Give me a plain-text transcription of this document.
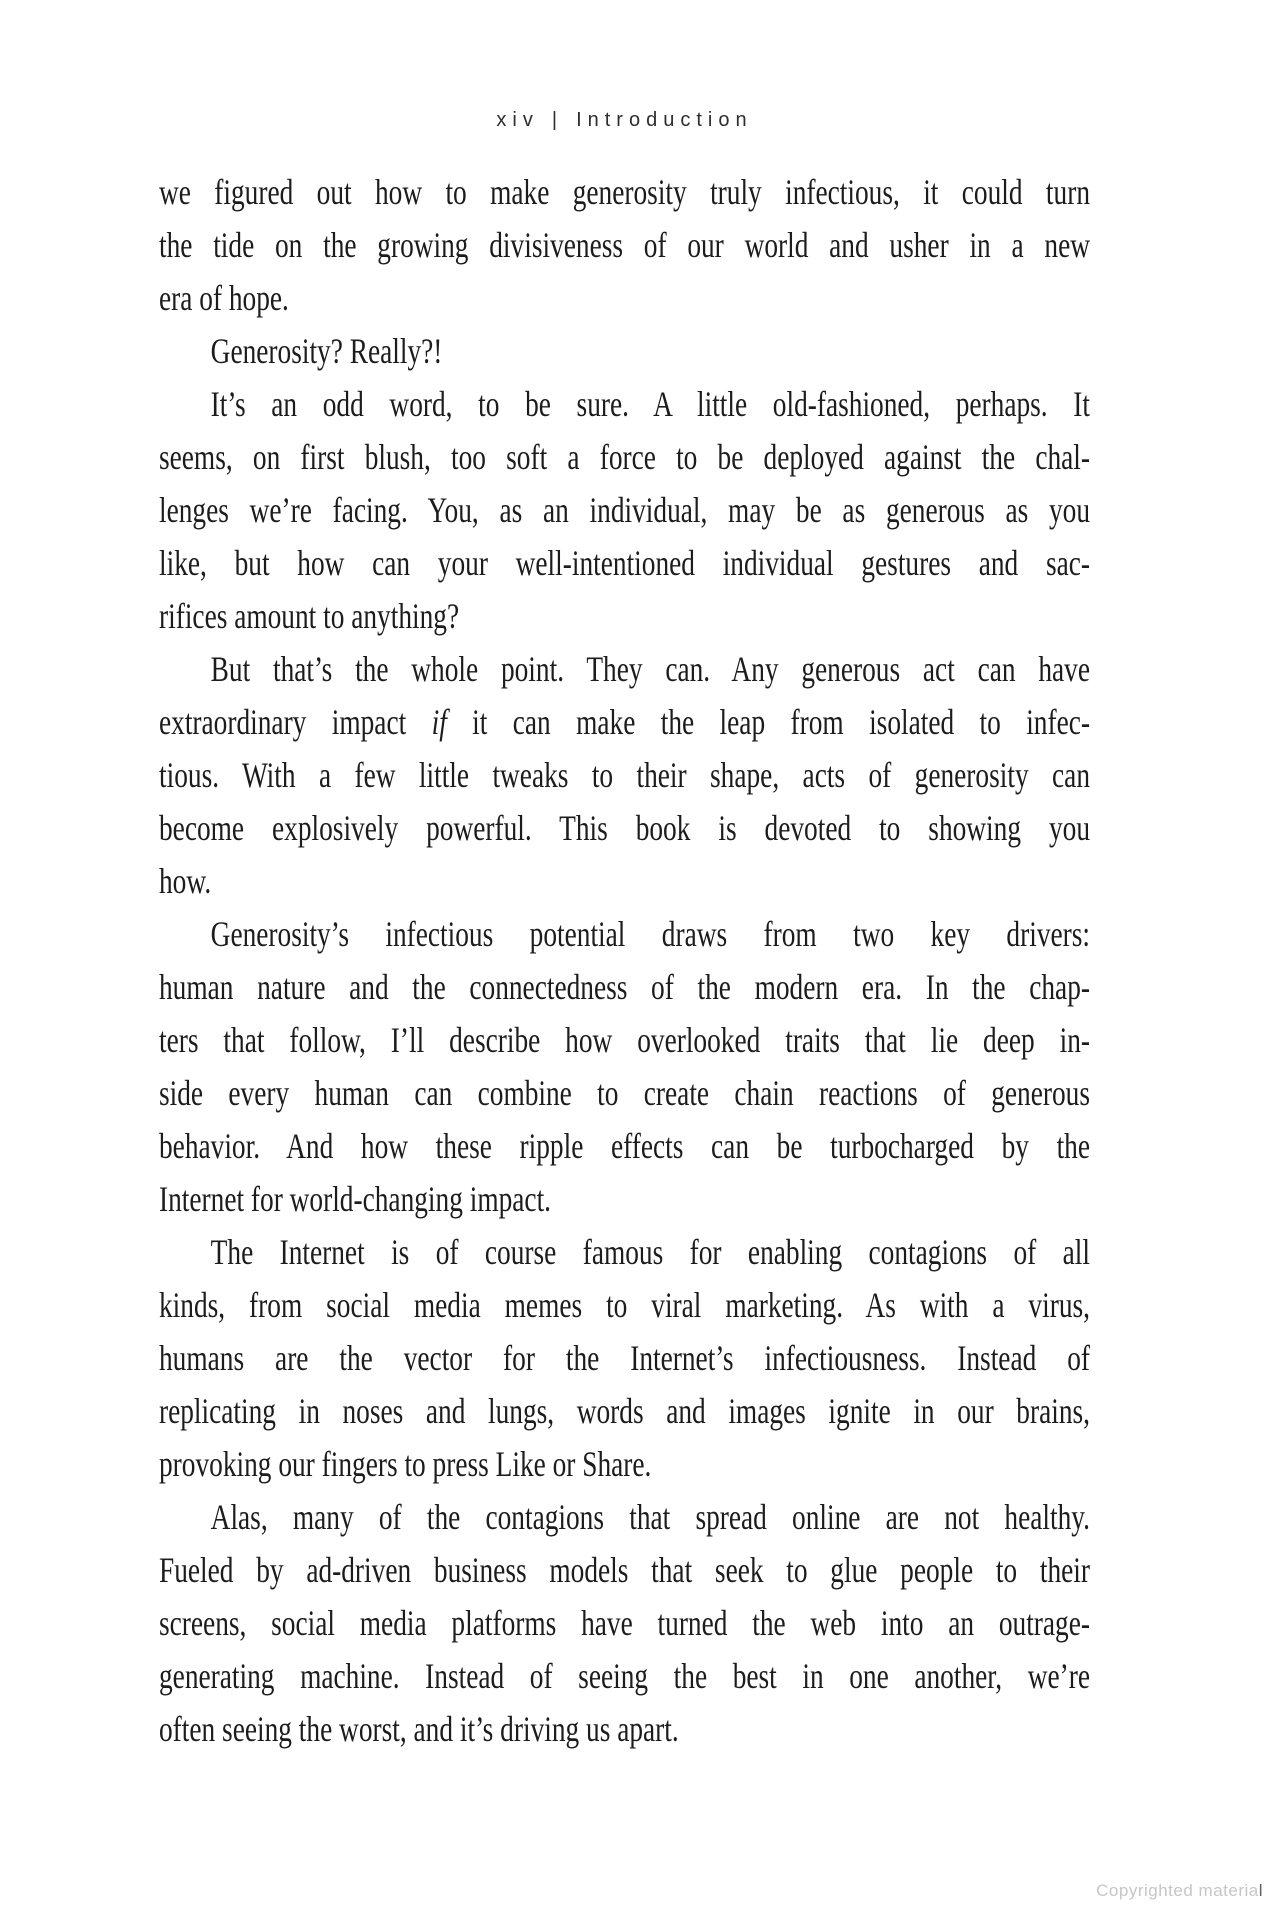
xiv | Introduction
we figured out how to make generosity truly infectious, it could turn
the tide on the growing divisiveness of our world and usher in a new
era of hope.
Generosity? Really?!
It’s an odd word, to be sure. A little old-fashioned, perhaps. It
seems, on first blush, too soft a force to be deployed against the chal-
lenges we’re facing. You, as an individual, may be as generous as you
like, but how can your well-intentioned individual gestures and sac-
rifices amount to anything?
But that’s the whole point. They can. Any generous act can have
extraordinary impact if it can make the leap from isolated to infec-
tious. With a few little tweaks to their shape, acts of generosity can
become explosively powerful. This book is devoted to showing you
how.
Generosity’s infectious potential draws from two key drivers:
human nature and the connectedness of the modern era. In the chap-
ters that follow, I’ll describe how overlooked traits that lie deep in-
side every human can combine to create chain reactions of generous
behavior. And how these ripple effects can be turbocharged by the
Internet for world-changing impact.
The Internet is of course famous for enabling contagions of all
kinds, from social media memes to viral marketing. As with a virus,
humans are the vector for the Internet’s infectiousness. Instead of
replicating in noses and lungs, words and images ignite in our brains,
provoking our fingers to press Like or Share.
Alas, many of the contagions that spread online are not healthy.
Fueled by ad-driven business models that seek to glue people to their
screens, social media platforms have turned the web into an outrage-
generating machine. Instead of seeing the best in one another, we’re
often seeing the worst, and it’s driving us apart.
Copyrighted material
